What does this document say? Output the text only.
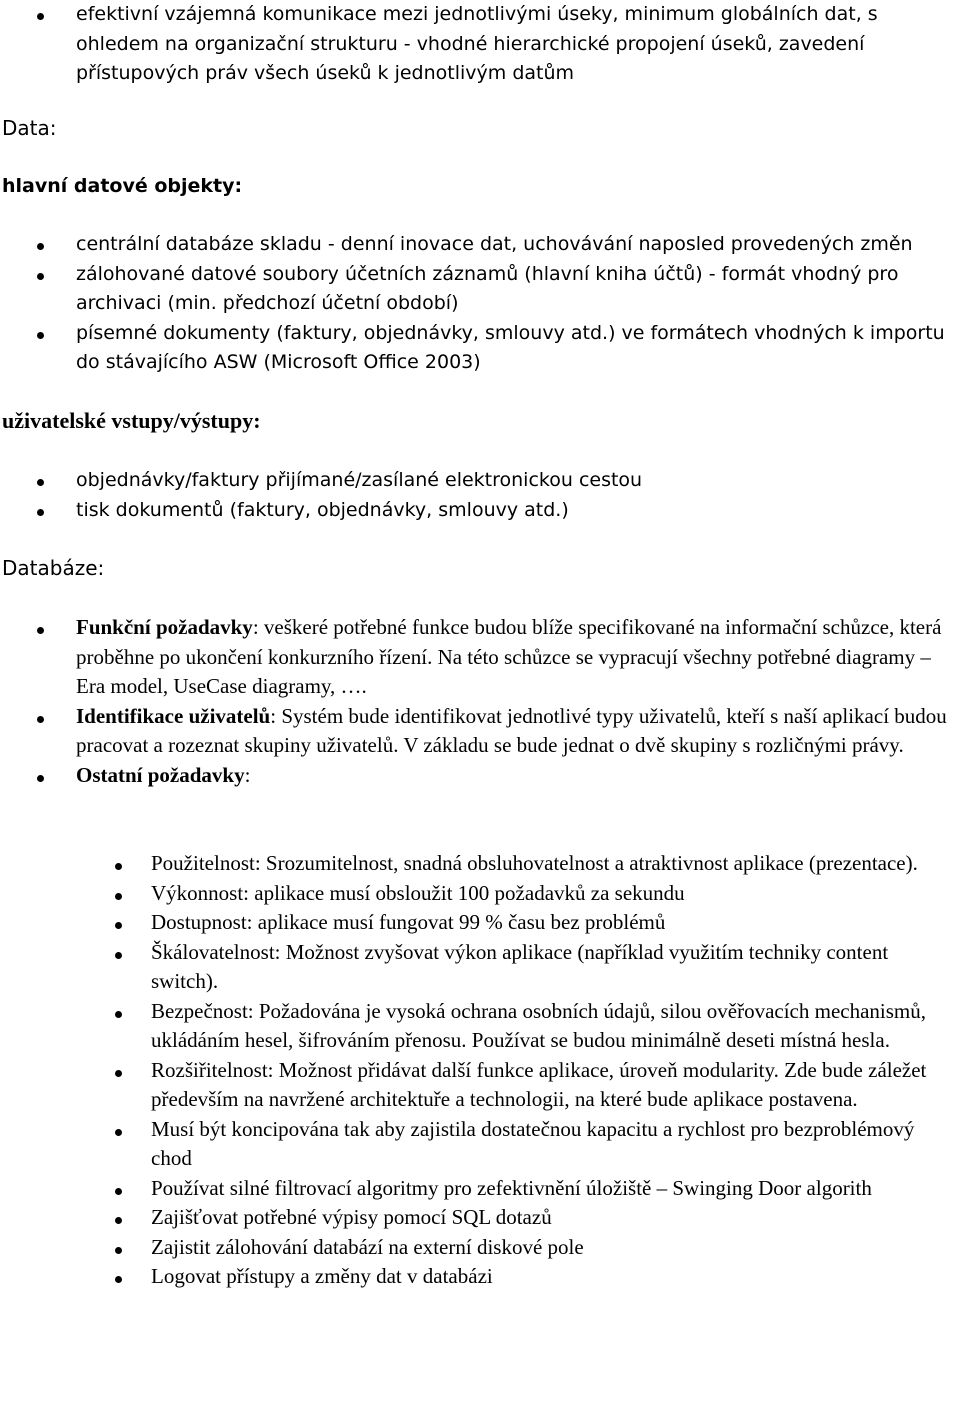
efektivní vzájemná komunikace mezi jednotlivými úseky, minimum globálních dat, s ohledem na organizační strukturu - vhodné hierarchické propojení úseků, zavedení přístupových práv všech úseků k jednotlivým datům
Data:
hlavní datové objekty:
centrální databáze skladu - denní inovace dat, uchovávání naposled provedených změn
zálohované datové soubory účetních záznamů (hlavní kniha účtů) - formát vhodný pro archivaci (min. předchozí účetní období)
písemné dokumenty (faktury, objednávky, smlouvy atd.) ve formátech vhodných k importu do stávajícího ASW (Microsoft Office 2003)
uživatelské vstupy/výstupy:
objednávky/faktury přijímané/zasílané elektronickou cestou
tisk dokumentů (faktury, objednávky, smlouvy atd.)
Databáze:
Funkční požadavky: veškeré potřebné funkce budou blíže specifikované na informační schůzce, která proběhne po ukončení konkurzního řízení. Na této schůzce se vypracují všechny potřebné diagramy – Era model, UseCase diagramy, ….
Identifikace uživatelů: Systém bude identifikovat jednotlivé typy uživatelů, kteří s naší aplikací budou pracovat a rozeznat skupiny uživatelů. V základu se bude jednat o dvě skupiny s rozličnými právy.
Ostatní požadavky:
Použitelnost: Srozumitelnost, snadná obsluhovatelnost a atraktivnost aplikace (prezentace).
Výkonnost: aplikace musí obsloužit 100 požadavků za sekundu
Dostupnost: aplikace musí fungovat 99 % času bez problémů
Škálovatelnost: Možnost zvyšovat výkon aplikace (například využitím techniky content switch).
Bezpečnost: Požadována je vysoká ochrana osobních údajů, silou ověřovacích mechanismů, ukládáním hesel, šifrováním přenosu. Používat se budou minimálně deseti místná hesla.
Rozšiřitelnost: Možnost přidávat další funkce aplikace, úroveň modularity. Zde bude záležet především na navržené architektuře a technologii, na které bude aplikace postavena.
Musí být koncipována tak aby zajistila dostatečnou kapacitu a rychlost pro bezproblémový chod
Používat silné filtrovací algoritmy pro zefektivnění úložiště – Swinging Door algorith
Zajišťovat potřebné výpisy pomocí SQL dotazů
Zajistit zálohování databází na externí diskové pole
Logovat přístupy a změny dat v databázi
